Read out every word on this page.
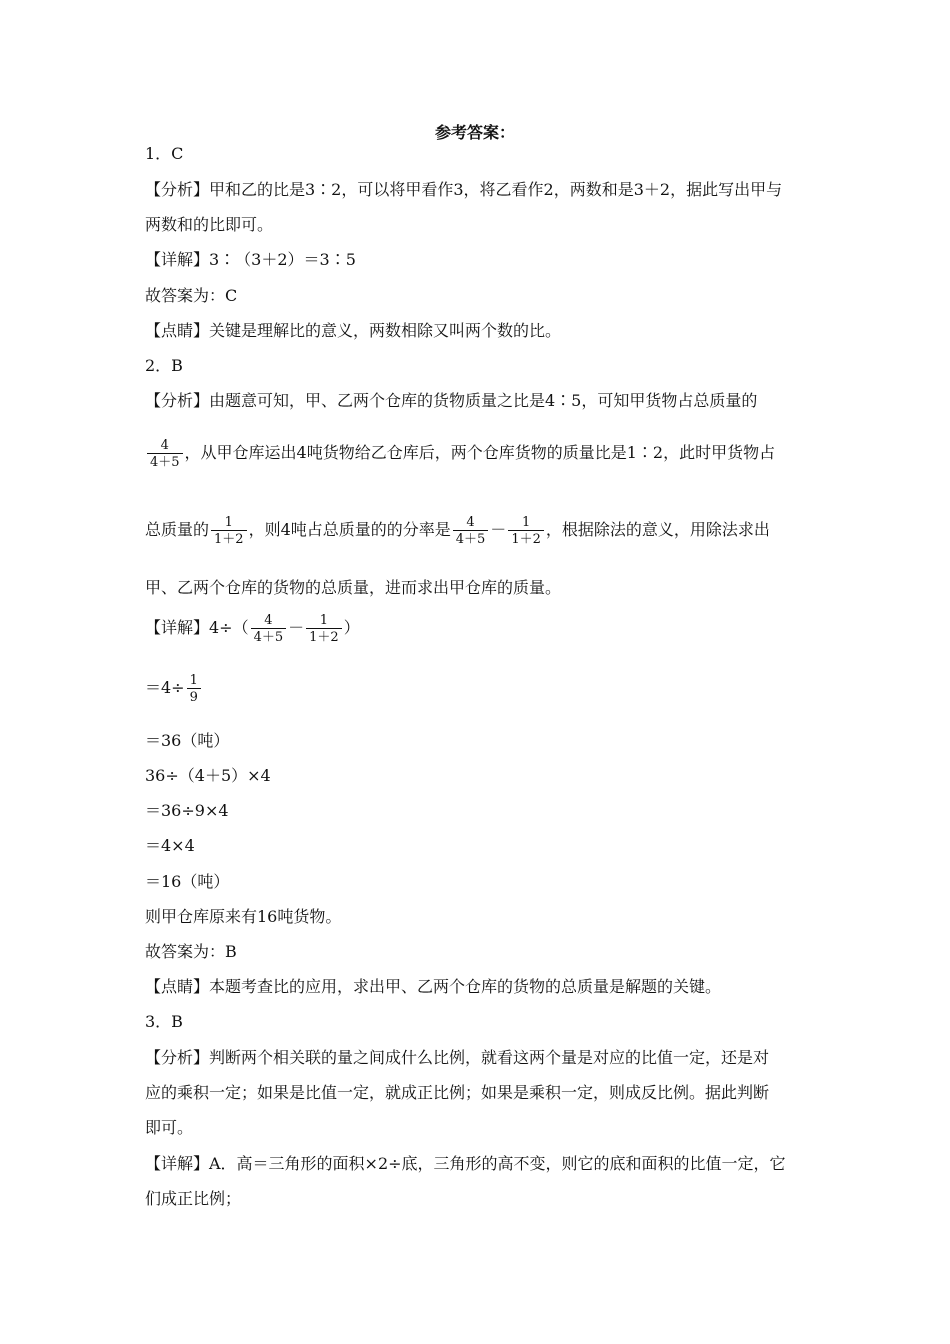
参考答案：
1．C
【分析】甲和乙的比是3∶2，可以将甲看作3，将乙看作2，两数和是3＋2，据此写出甲与
两数和的比即可。
【详解】3∶（3＋2）＝3∶5
故答案为：C
【点睛】关键是理解比的意义，两数相除又叫两个数的比。
2．B
【分析】由题意可知，甲、乙两个仓库的货物质量之比是4∶5，可知甲货物占总质量的
$\frac{4}{4+5}$ ，从甲仓库运出4吨货物给乙仓库后，两个仓库货物的质量比是1∶2，此时甲货物占
总质量的 $\frac{1}{1+2}$ ，则4吨占总质量的的分率是 $\frac{4}{4+5} - \frac{1}{1+2}$ ，根据除法的意义，用除法求出
甲、乙两个仓库的货物的总质量，进而求出甲仓库的质量。
【详解】$4\div( \frac{4}{4+5} - \frac{1}{1+2}$ ）
$=4\div \frac{1}{9}$
＝36（吨）
36÷（4＋5）×4
＝36÷9×4
＝4×4
＝16（吨）
则甲仓库原来有16吨货物。
故答案为：B
【点睛】本题考查比的应用，求出甲、乙两个仓库的货物的总质量是解题的关键。
3．B
【分析】判断两个相关联的量之间成什么比例，就看这两个量是对应的比值一定，还是对
应的乘积一定；如果是比值一定，就成正比例；如果是乘积一定，则成反比例。据此判断
即可。
【详解】A．高＝三角形的面积×2÷底，三角形的高不变，则它的底和面积的比值一定，它
们成正比例；
